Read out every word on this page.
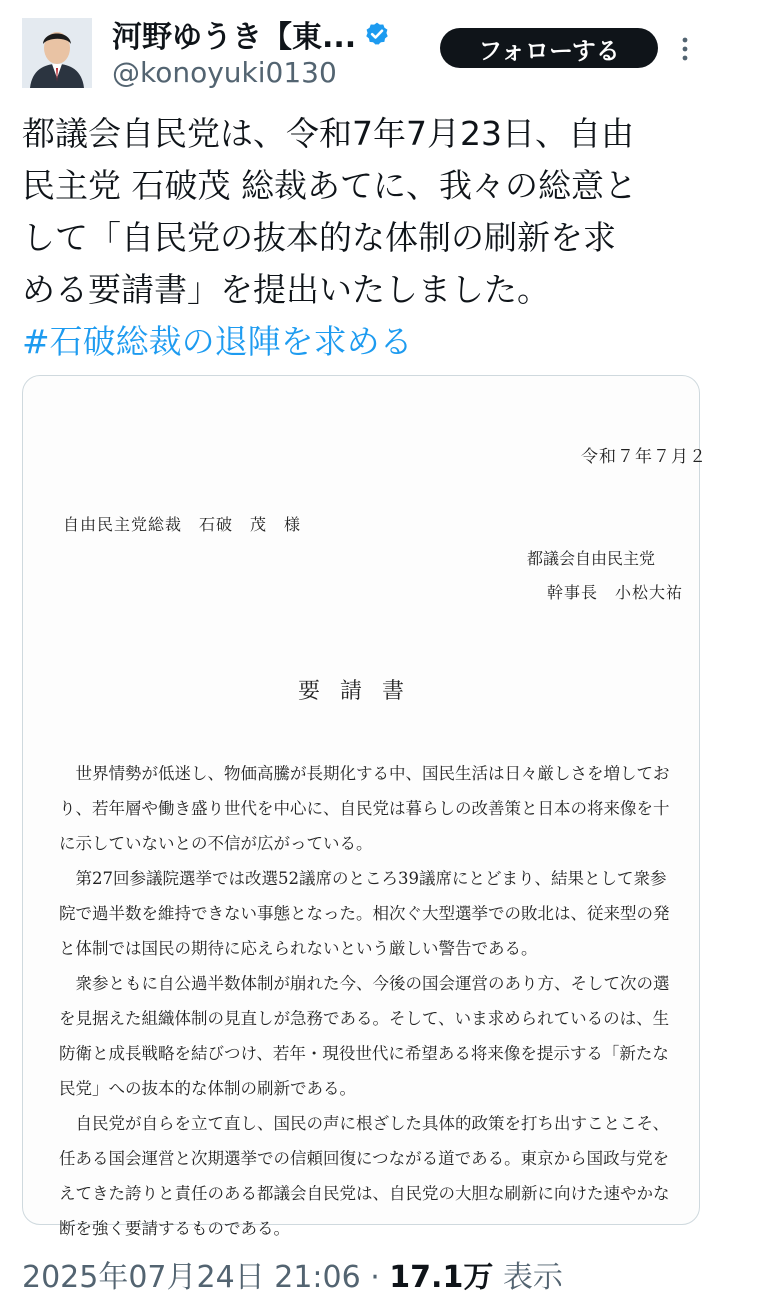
河野ゆうき【東...
@konoyuki0130
フォローする

都議会自民党は、令和7年7月23日、自由

民主党 石破茂 総裁あてに、我々の総意と

して「自民党の抜本的な体制の刷新を求

める要請書」を提出いたしました。

#石破総裁の退陣を求める

令和７年７月２
自由民主党総裁　石破　茂　様
都議会自由民主党
幹事長　小松大祐
要請書
　世界情勢が低迷し、物価高騰が長期化する中、国民生活は日々厳しさを増してお
り、若年層や働き盛り世代を中心に、自民党は暮らしの改善策と日本の将来像を十
に示していないとの不信が広がっている。
　第27回参議院選挙では改選52議席のところ39議席にとどまり、結果として衆参
院で過半数を維持できない事態となった。相次ぐ大型選挙での敗北は、従来型の発
と体制では国民の期待に応えられないという厳しい警告である。
　衆参ともに自公過半数体制が崩れた今、今後の国会運営のあり方、そして次の選
を見据えた組織体制の見直しが急務である。そして、いま求められているのは、生
防衛と成長戦略を結びつけ、若年・現役世代に希望ある将来像を提示する「新たな
民党」への抜本的な体制の刷新である。
　自民党が自らを立て直し、国民の声に根ざした具体的政策を打ち出すことこそ、
任ある国会運営と次期選挙での信頼回復につながる道である。東京から国政与党を
えてきた誇りと責任のある都議会自民党は、自民党の大胆な刷新に向けた速やかな
断を強く要請するものである。
2025年07月24日 21:06 · 17.1万 表示
